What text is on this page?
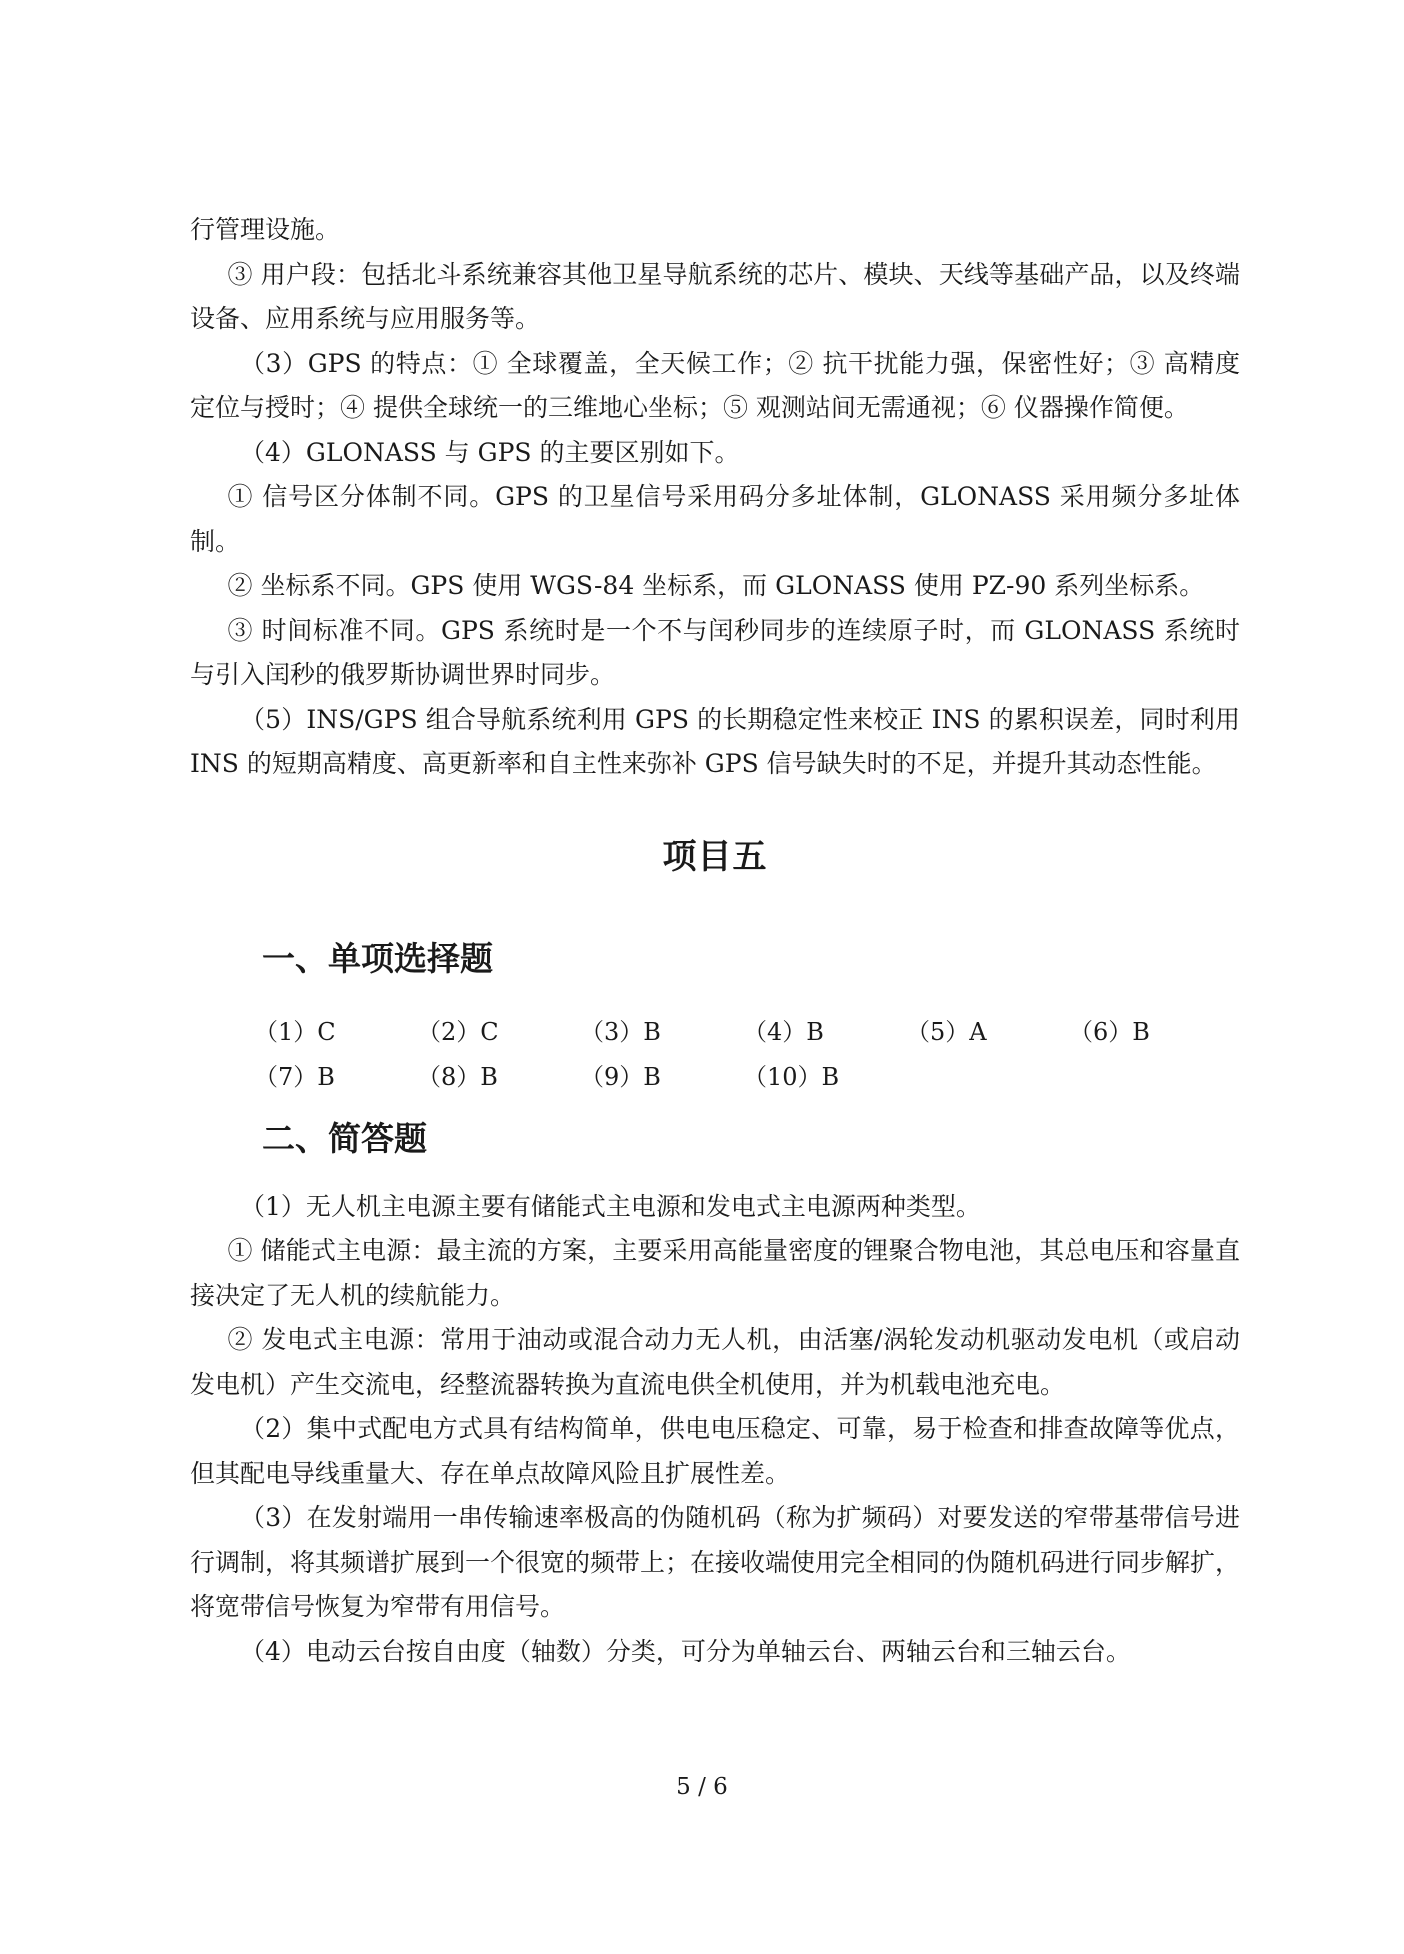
行管理设施。

③ 用户段：包括北斗系统兼容其他卫星导航系统的芯片、模块、天线等基础产品，以及终端设备、应用系统与应用服务等。

（3）GPS 的特点：① 全球覆盖，全天候工作；② 抗干扰能力强，保密性好；③ 高精度定位与授时；④ 提供全球统一的三维地心坐标；⑤ 观测站间无需通视；⑥ 仪器操作简便。

（4）GLONASS 与 GPS 的主要区别如下。

① 信号区分体制不同。GPS 的卫星信号采用码分多址体制，GLONASS 采用频分多址体制。

② 坐标系不同。GPS 使用 WGS-84 坐标系，而 GLONASS 使用 PZ-90 系列坐标系。

③ 时间标准不同。GPS 系统时是一个不与闰秒同步的连续原子时，而 GLONASS 系统时与引入闰秒的俄罗斯协调世界时同步。

（5）INS/GPS 组合导航系统利用 GPS 的长期稳定性来校正 INS 的累积误差，同时利用 INS 的短期高精度、高更新率和自主性来弥补 GPS 信号缺失时的不足，并提升其动态性能。

项目五
一、单项选择题
（1）C	（2）C	（3）B	（4）B	（5）A	（6）B
（7）B	（8）B	（9）B	（10）B
二、简答题

（1）无人机主电源主要有储能式主电源和发电式主电源两种类型。

① 储能式主电源：最主流的方案，主要采用高能量密度的锂聚合物电池，其总电压和容量直接决定了无人机的续航能力。

② 发电式主电源：常用于油动或混合动力无人机，由活塞/涡轮发动机驱动发电机（或启动发电机）产生交流电，经整流器转换为直流电供全机使用，并为机载电池充电。

（2）集中式配电方式具有结构简单，供电电压稳定、可靠，易于检查和排查故障等优点，但其配电导线重量大、存在单点故障风险且扩展性差。

（3）在发射端用一串传输速率极高的伪随机码（称为扩频码）对要发送的窄带基带信号进行调制，将其频谱扩展到一个很宽的频带上；在接收端使用完全相同的伪随机码进行同步解扩，将宽带信号恢复为窄带有用信号。

（4）电动云台按自由度（轴数）分类，可分为单轴云台、两轴云台和三轴云台。

5 / 6
